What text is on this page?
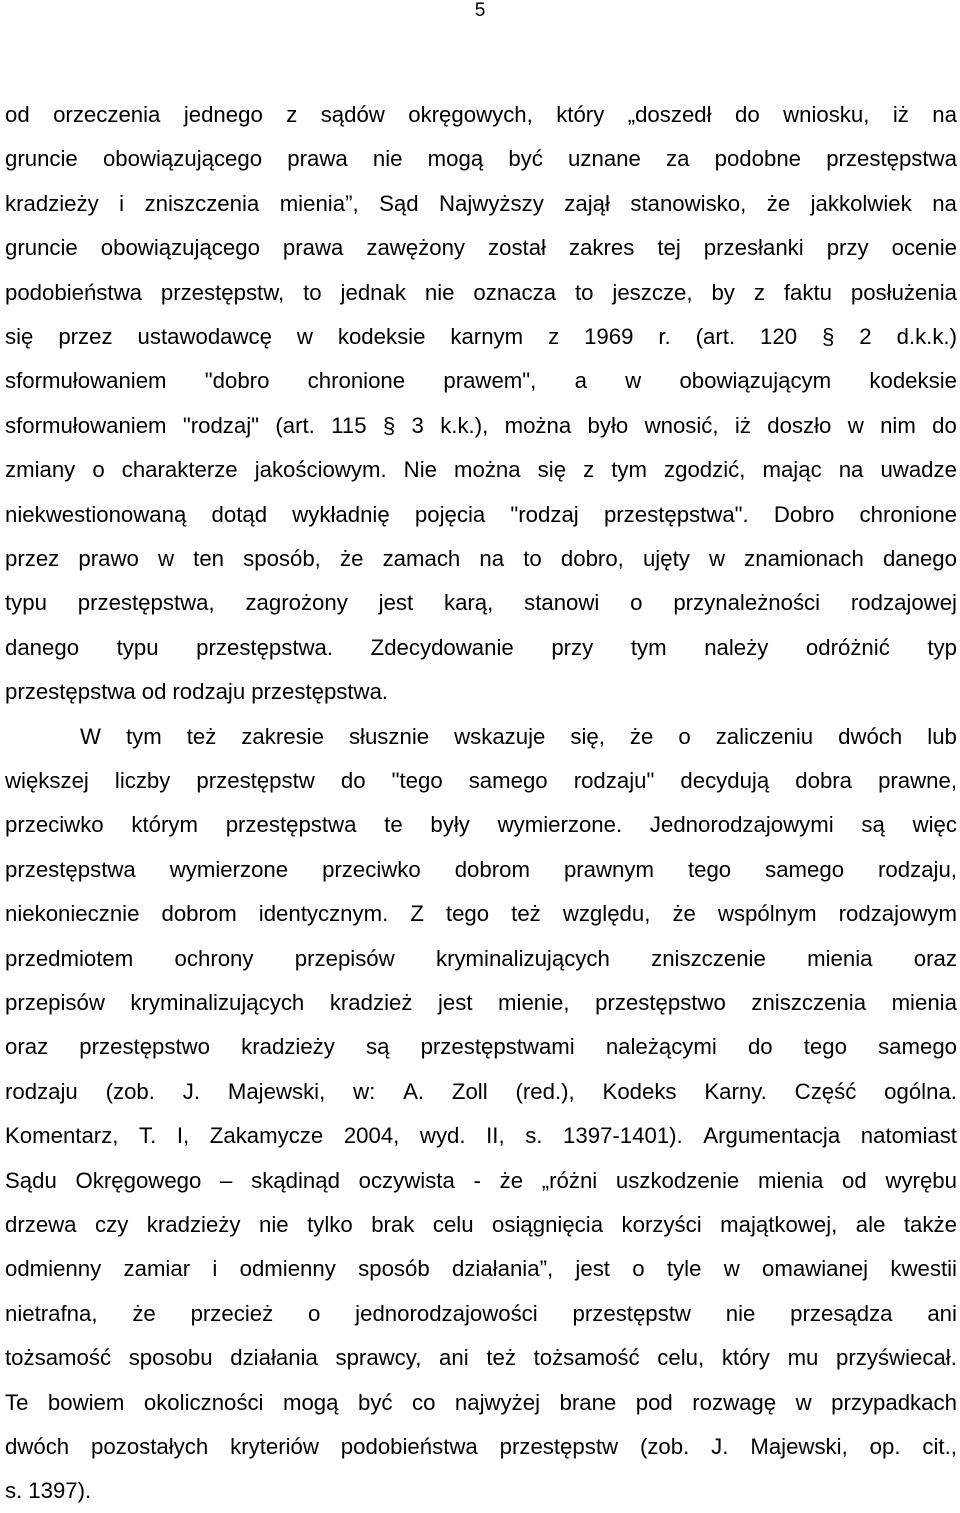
5
od orzeczenia jednego z sądów okręgowych, który „doszedł do wniosku, iż na
gruncie obowiązującego prawa nie mogą być uznane za podobne przestępstwa
kradzieży i zniszczenia mienia”, Sąd Najwyższy zajął stanowisko, że jakkolwiek na
gruncie obowiązującego prawa zawężony został zakres tej przesłanki przy ocenie
podobieństwa przestępstw, to jednak nie oznacza to jeszcze, by z faktu posłużenia
się przez ustawodawcę w kodeksie karnym z 1969 r. (art. 120 § 2 d.k.k.)
sformułowaniem "dobro chronione prawem", a w obowiązującym kodeksie
sformułowaniem "rodzaj" (art. 115 § 3 k.k.), można było wnosić, iż doszło w nim do
zmiany o charakterze jakościowym. Nie można się z tym zgodzić, mając na uwadze
niekwestionowaną dotąd wykładnię pojęcia "rodzaj przestępstwa". Dobro chronione
przez prawo w ten sposób, że zamach na to dobro, ujęty w znamionach danego
typu przestępstwa, zagrożony jest karą, stanowi o przynależności rodzajowej
danego typu przestępstwa. Zdecydowanie przy tym należy odróżnić typ
przestępstwa od rodzaju przestępstwa.
W tym też zakresie słusznie wskazuje się, że o zaliczeniu dwóch lub
większej liczby przestępstw do "tego samego rodzaju" decydują dobra prawne,
przeciwko którym przestępstwa te były wymierzone. Jednorodzajowymi są więc
przestępstwa wymierzone przeciwko dobrom prawnym tego samego rodzaju,
niekoniecznie dobrom identycznym. Z tego też względu, że wspólnym rodzajowym
przedmiotem ochrony przepisów kryminalizujących zniszczenie mienia oraz
przepisów kryminalizujących kradzież jest mienie, przestępstwo zniszczenia mienia
oraz przestępstwo kradzieży są przestępstwami należącymi do tego samego
rodzaju (zob. J. Majewski, w: A. Zoll (red.), Kodeks Karny. Część ogólna.
Komentarz, T. I, Zakamycze 2004, wyd. II, s. 1397-1401). Argumentacja natomiast
Sądu Okręgowego – skądinąd oczywista - że „różni uszkodzenie mienia od wyrębu
drzewa czy kradzieży nie tylko brak celu osiągnięcia korzyści majątkowej, ale także
odmienny zamiar i odmienny sposób działania”, jest o tyle w omawianej kwestii
nietrafna, że przecież o jednorodzajowości przestępstw nie przesądza ani
tożsamość sposobu działania sprawcy, ani też tożsamość celu, który mu przyświecał.
Te bowiem okoliczności mogą być co najwyżej brane pod rozwagę w przypadkach
dwóch pozostałych kryteriów podobieństwa przestępstw (zob. J. Majewski, op. cit.,
s. 1397).
